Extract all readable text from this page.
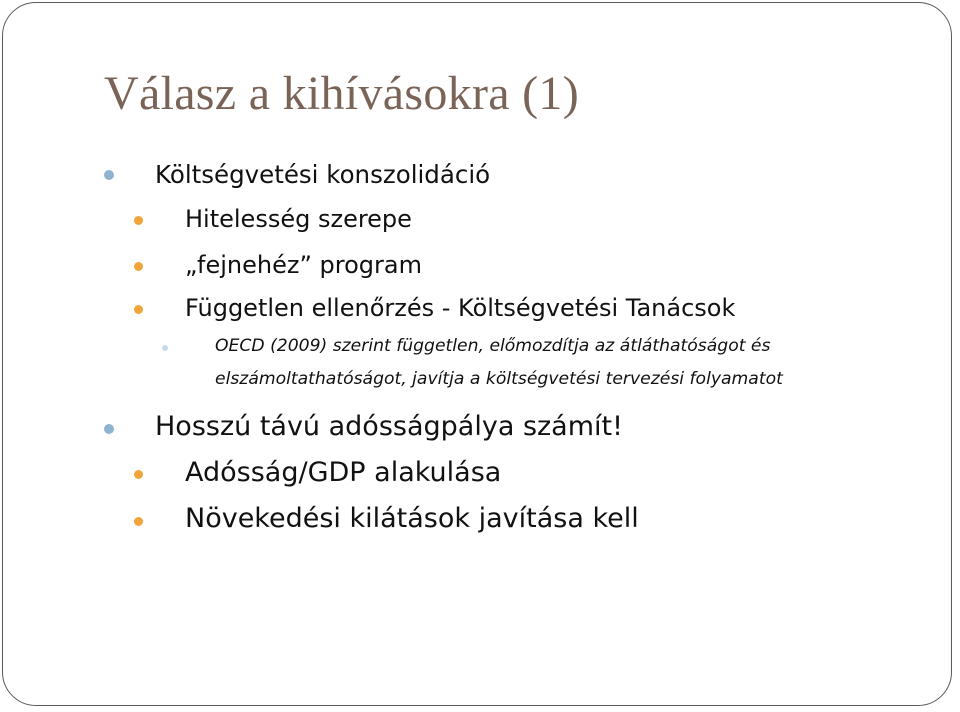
Válasz a kihívásokra (1)
Költségvetési konszolidáció
Hitelesség szerepe
„fejnehéz” program
Független ellenőrzés - Költségvetési Tanácsok
OECD (2009) szerint független, előmozdítja az átláthatóságot és
elszámoltathatóságot, javítja a költségvetési tervezési folyamatot
Hosszú távú adósságpálya számít!
Adósság/GDP alakulása
Növekedési kilátások javítása kell
